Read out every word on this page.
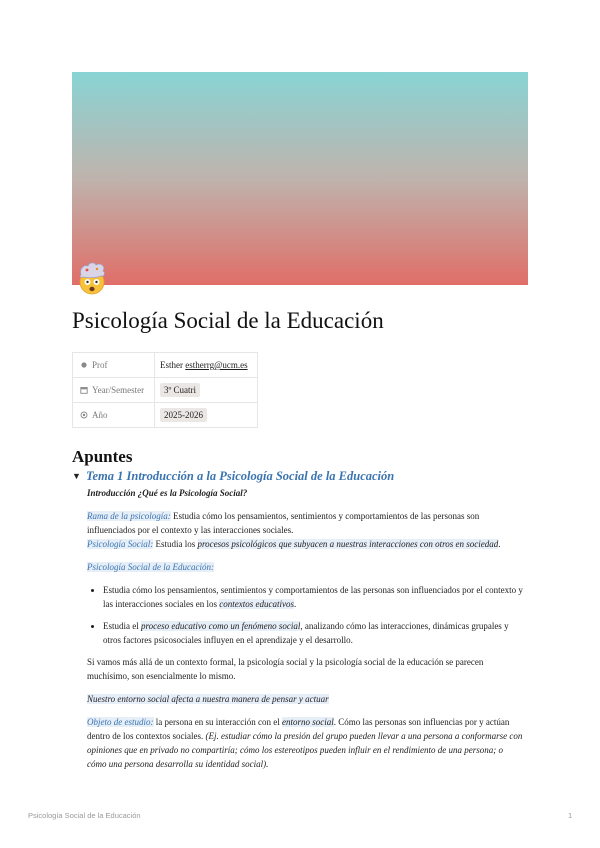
Psicología Social de la Educación
Prof	Esther estherrg@ucm.es
Year/Semester	3º Cuatri
Año	2025-2026
Apuntes
▼ Tema 1 Introducción a la Psicología Social de la Educación

Introducción ¿Qué es la Psicología Social?

Rama de la psicología: Estudia cómo los pensamientos, sentimientos y comportamientos de las personas son influenciados por el contexto y las interacciones sociales.

Psicología Social: Estudia los procesos psicológicos que subyacen a nuestras interacciones con otros en sociedad.

Psicología Social de la Educación:

• Estudia cómo los pensamientos, sentimientos y comportamientos de las personas son influenciados por el contexto y las interacciones sociales en los contextos educativos.
• Estudia el proceso educativo como un fenómeno social, analizando cómo las interacciones, dinámicas grupales y otros factores psicosociales influyen en el aprendizaje y el desarrollo.

Si vamos más allá de un contexto formal, la psicología social y la psicología social de la educación se parecen muchísimo, son esencialmente lo mismo.

Nuestro entorno social afecta a nuestra manera de pensar y actuar

Objeto de estudio: la persona en su interacción con el entorno social. Cómo las personas son influencias por y actúan dentro de los contextos sociales. (Ej. estudiar cómo la presión del grupo pueden llevar a una persona a conformarse con opiniones que en privado no compartiría; cómo los estereotipos pueden influir en el rendimiento de una persona; o cómo una persona desarrolla su identidad social).

Psicología Social de la Educación	1
